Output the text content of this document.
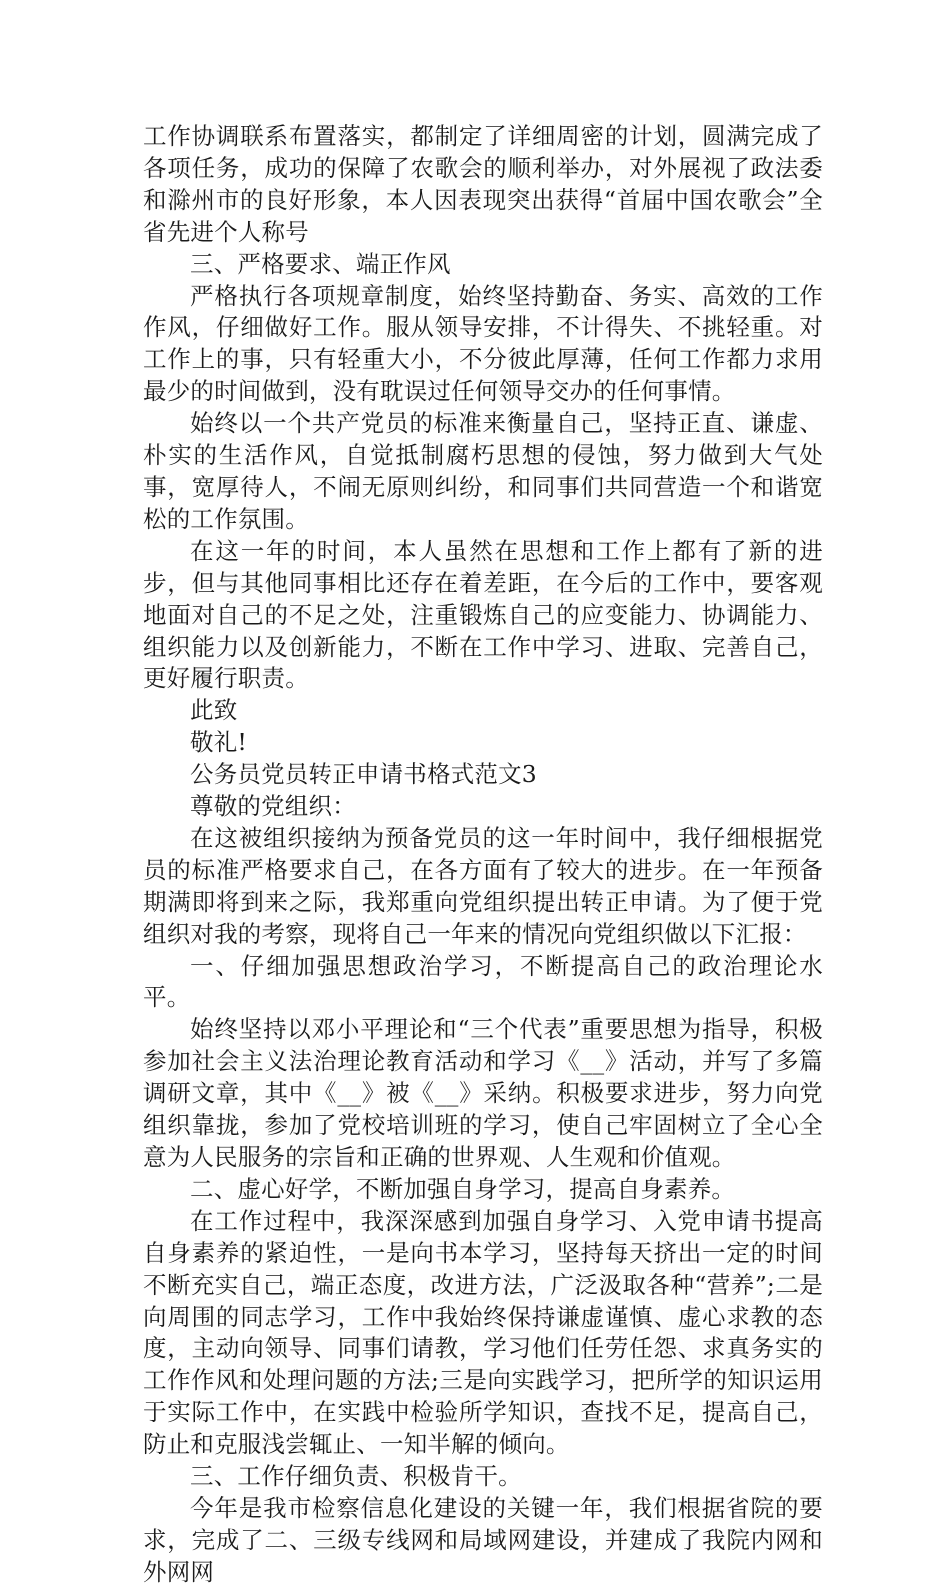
工作协调联系布置落实，都制定了详细周密的计划，圆满完成了各项任务，成功的保障了农歌会的顺利举办，对外展视了政法委和滁州市的良好形象，本人因表现突出获得“首届中国农歌会”全省先进个人称号

三、严格要求、端正作风

严格执行各项规章制度，始终坚持勤奋、务实、高效的工作作风，仔细做好工作。服从领导安排，不计得失、不挑轻重。对工作上的事，只有轻重大小，不分彼此厚薄，任何工作都力求用最少的时间做到，没有耽误过任何领导交办的任何事情。

始终以一个共产党员的标准来衡量自己，坚持正直、谦虚、朴实的生活作风，自觉抵制腐朽思想的侵蚀，努力做到大气处事，宽厚待人，不闹无原则纠纷，和同事们共同营造一个和谐宽松的工作氛围。

在这一年的时间，本人虽然在思想和工作上都有了新的进步，但与其他同事相比还存在着差距，在今后的工作中，要客观地面对自己的不足之处，注重锻炼自己的应变能力、协调能力、组织能力以及创新能力，不断在工作中学习、进取、完善自己，更好履行职责。

此致

敬礼!

公务员党员转正申请书格式范文3

尊敬的党组织：

在这被组织接纳为预备党员的这一年时间中，我仔细根据党员的标准严格要求自己，在各方面有了较大的进步。在一年预备期满即将到来之际，我郑重向党组织提出转正申请。为了便于党组织对我的考察，现将自己一年来的情况向党组织做以下汇报：

一、仔细加强思想政治学习，不断提高自己的政治理论水平。

始终坚持以邓小平理论和“三个代表”重要思想为指导，积极参加社会主义法治理论教育活动和学习《__》活动，并写了多篇调研文章，其中《__》被《__》采纳。积极要求进步，努力向党组织靠拢，参加了党校培训班的学习，使自己牢固树立了全心全意为人民服务的宗旨和正确的世界观、人生观和价值观。

二、虚心好学，不断加强自身学习，提高自身素养。

在工作过程中，我深深感到加强自身学习、入党申请书提高自身素养的紧迫性，一是向书本学习，坚持每天挤出一定的时间不断充实自己，端正态度，改进方法，广泛汲取各种“营养”;二是向周围的同志学习，工作中我始终保持谦虚谨慎、虚心求教的态度，主动向领导、同事们请教，学习他们任劳任怨、求真务实的工作作风和处理问题的方法;三是向实践学习，把所学的知识运用于实际工作中，在实践中检验所学知识，查找不足，提高自己，防止和克服浅尝辄止、一知半解的倾向。

三、工作仔细负责、积极肯干。

今年是我市检察信息化建设的关键一年，我们根据省院的要求，完成了二、三级专线网和局域网建设，并建成了我院内网和外网网
